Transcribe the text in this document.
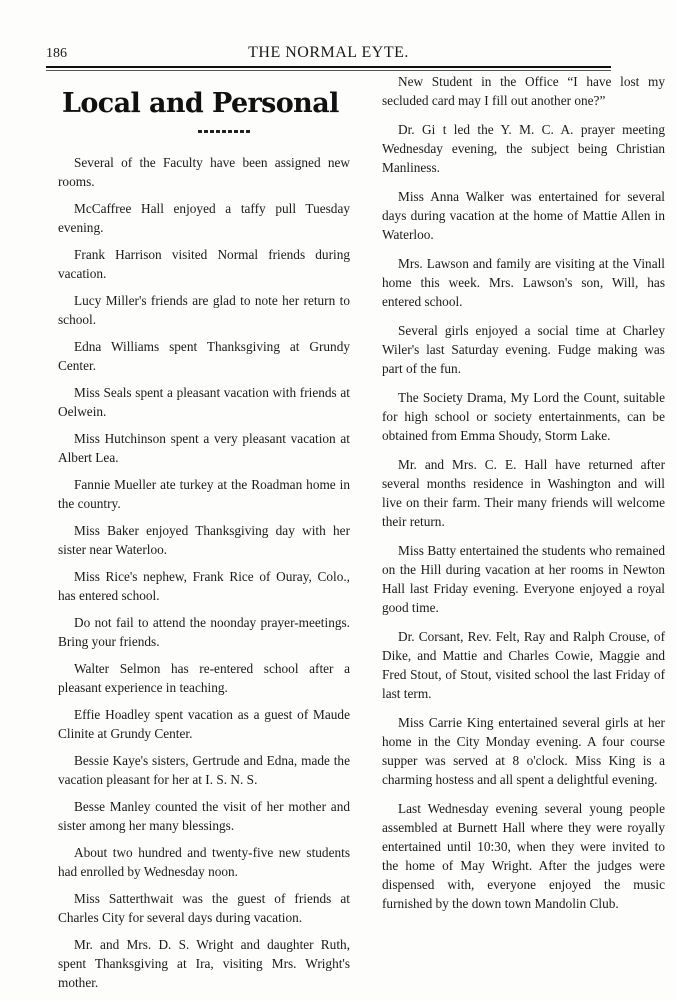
186	THE NORMAL EYTE.
Local and Personal

Several of the Faculty have been assigned new rooms.

McCaffree Hall enjoyed a taffy pull Tuesday evening.

Frank Harrison visited Normal friends during vacation.

Lucy Miller's friends are glad to note her return to school.

Edna Williams spent Thanksgiving at Grundy Center.

Miss Seals spent a pleasant vacation with friends at Oelwein.

Miss Hutchinson spent a very pleasant vacation at Albert Lea.

Fannie Mueller ate turkey at the Roadman home in the country.

Miss Baker enjoyed Thanksgiving day with her sister near Waterloo.

Miss Rice's nephew, Frank Rice of Ouray, Colo., has entered school.

Do not fail to attend the noonday prayer-meetings. Bring your friends.

Walter Selmon has re-entered school after a pleasant experience in teaching.

Effie Hoadley spent vacation as a guest of Maude Clinite at Grundy Center.

Bessie Kaye's sisters, Gertrude and Edna, made the vacation pleasant for her at I. S. N. S.

Besse Manley counted the visit of her mother and sister among her many blessings.

About two hundred and twenty-five new students had enrolled by Wednesday noon.

Miss Satterthwait was the guest of friends at Charles City for several days during vacation.

Mr. and Mrs. D. S. Wright and daughter Ruth, spent Thanksgiving at Ira, visiting Mrs. Wright's mother.

New Student in the Office “I have lost my secluded card may I fill out another one?”

Dr. Gi t led the Y. M. C. A. prayer meeting Wednesday evening, the subject being Christian Manliness.

Miss Anna Walker was entertained for several days during vacation at the home of Mattie Allen in Waterloo.

Mrs. Lawson and family are visiting at the Vinall home this week. Mrs. Lawson's son, Will, has entered school.

Several girls enjoyed a social time at Charley Wiler's last Saturday evening. Fudge making was part of the fun.

The Society Drama, My Lord the Count, suitable for high school or society entertainments, can be obtained from Emma Shoudy, Storm Lake.

Mr. and Mrs. C. E. Hall have returned after several months residence in Washington and will live on their farm. Their many friends will welcome their return.

Miss Batty entertained the students who remained on the Hill during vacation at her rooms in Newton Hall last Friday evening. Everyone enjoyed a royal good time.

Dr. Corsant, Rev. Felt, Ray and Ralph Crouse, of Dike, and Mattie and Charles Cowie, Maggie and Fred Stout, of Stout, visited school the last Friday of last term.

Miss Carrie King entertained several girls at her home in the City Monday evening. A four course supper was served at 8 o'clock. Miss King is a charming hostess and all spent a delightful evening.

Last Wednesday evening several young people assembled at Burnett Hall where they were royally entertained until 10:30, when they were invited to the home of May Wright. After the judges were dispensed with, everyone enjoyed the music furnished by the down town Mandolin Club.
